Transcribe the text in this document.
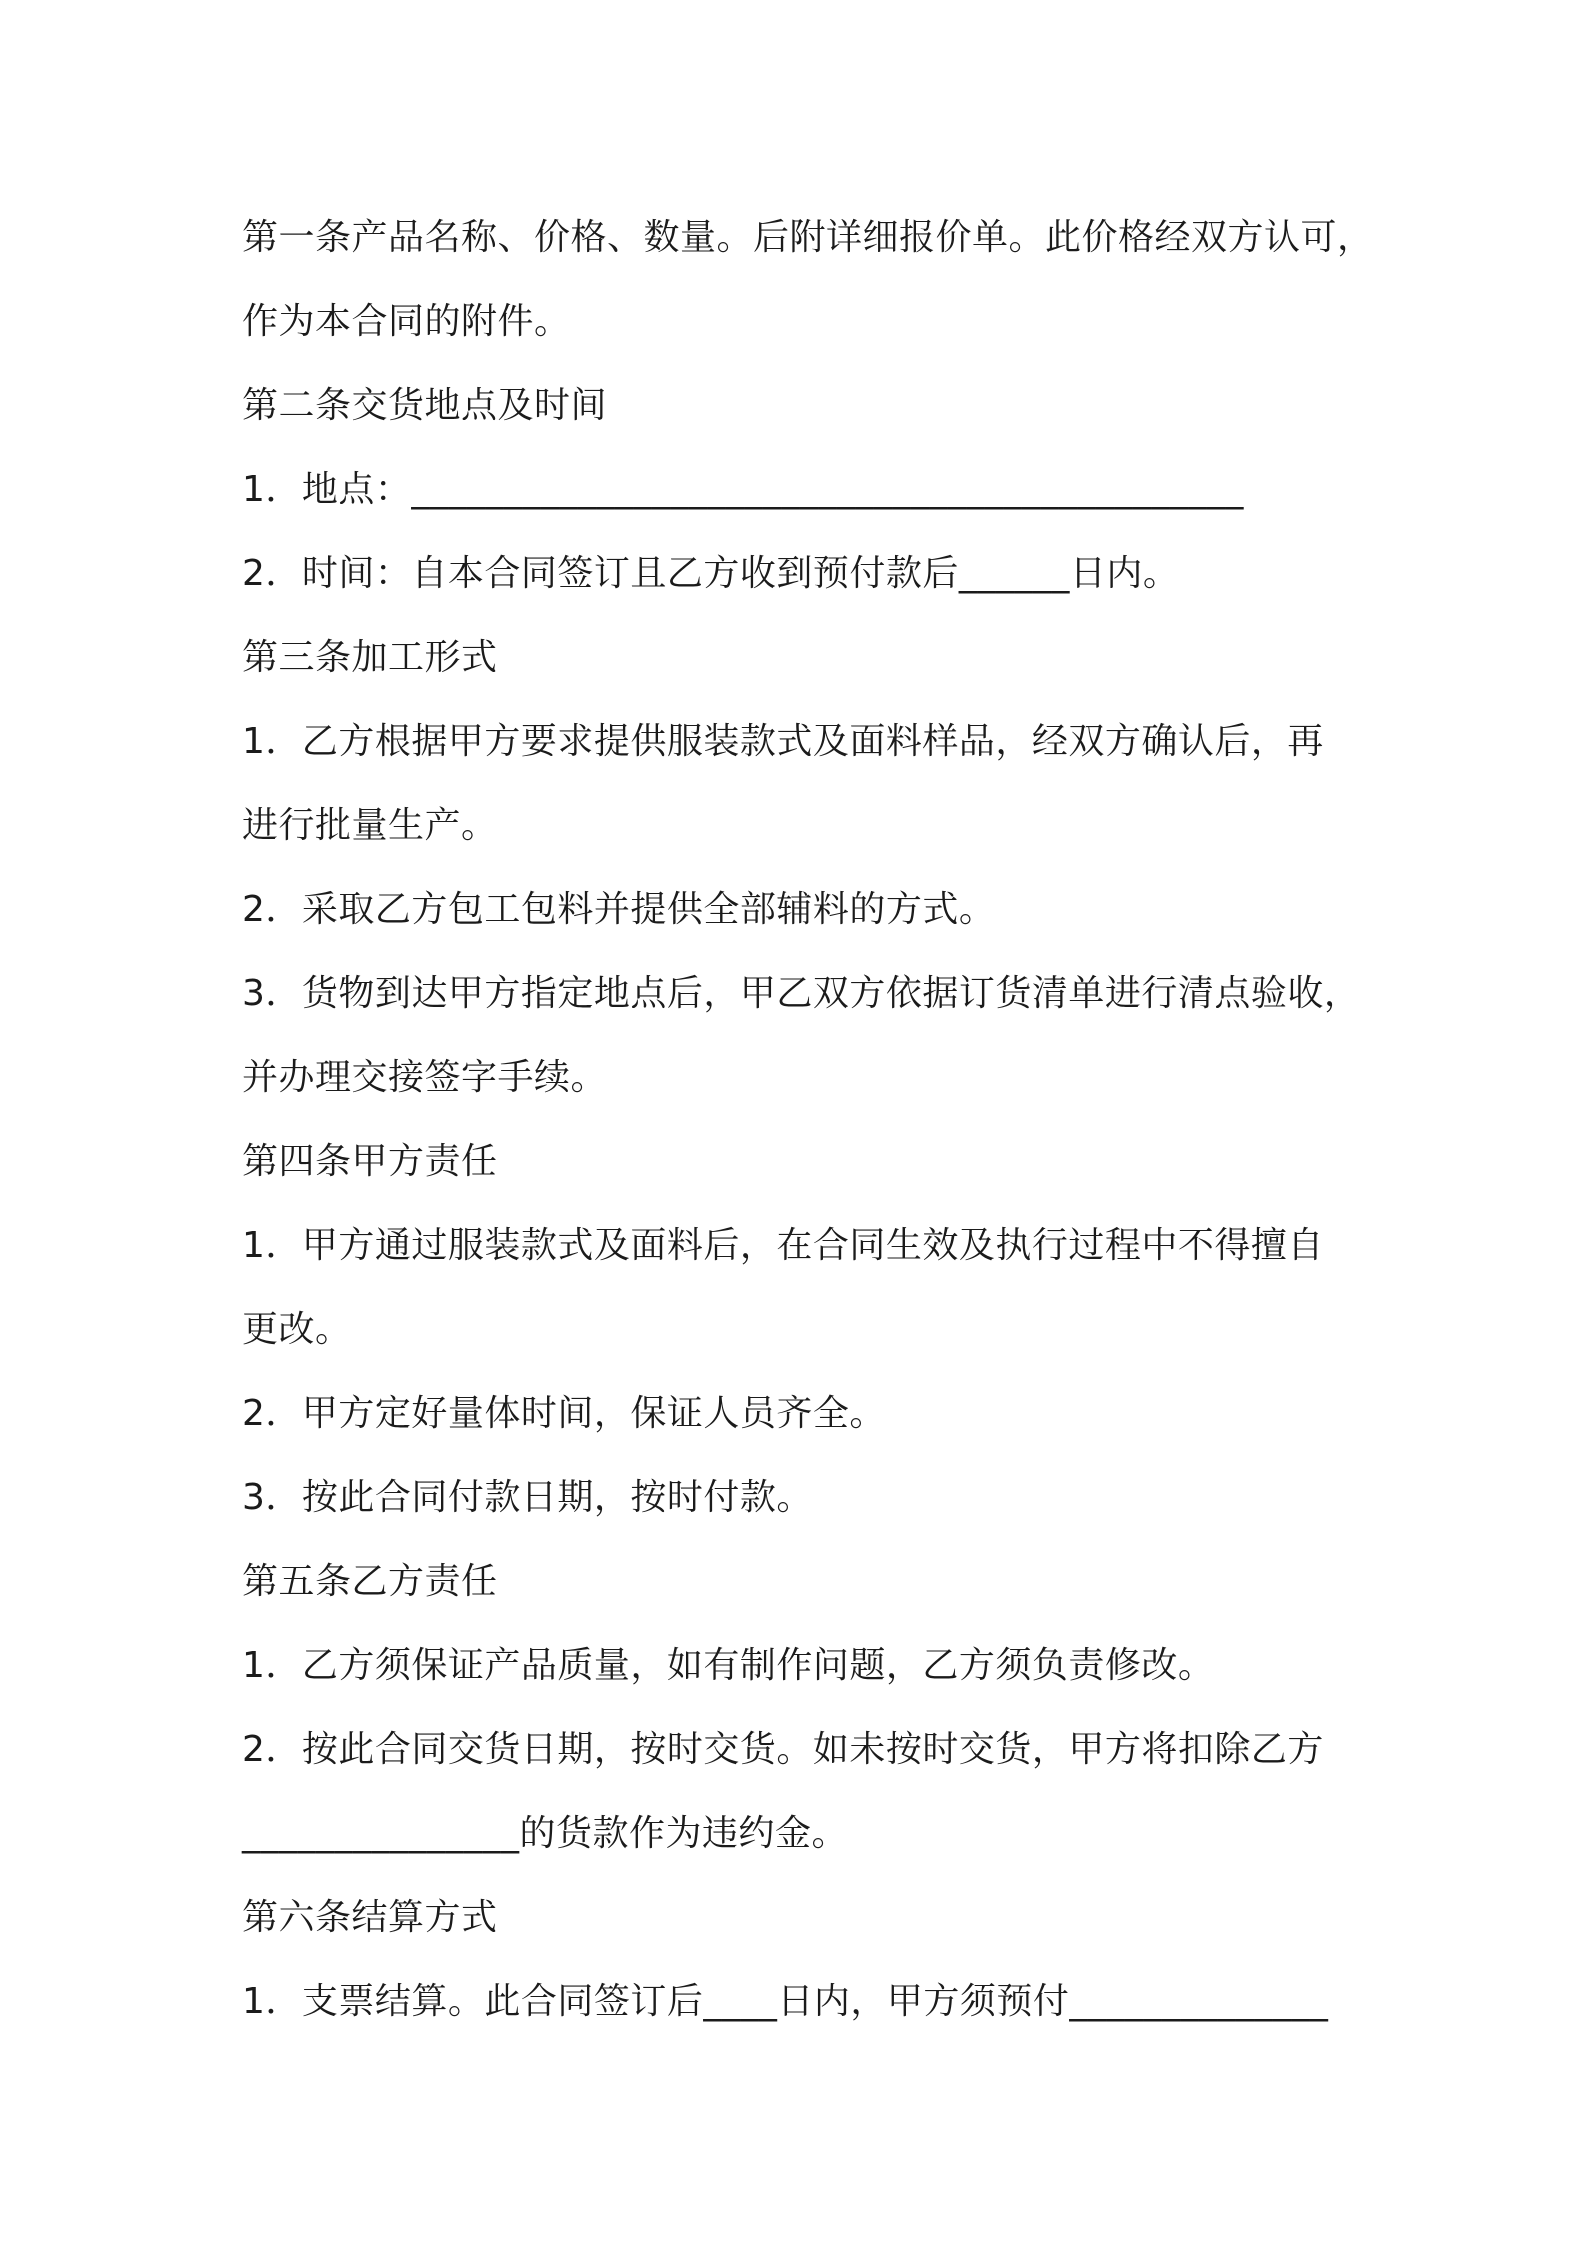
第一条产品名称、价格、数量。后附详细报价单。此价格经双方认可，
作为本合同的附件。
第二条交货地点及时间
1．地点：_____________________________________________
2．时间：自本合同签订且乙方收到预付款后______日内。
第三条加工形式
1．乙方根据甲方要求提供服装款式及面料样品，经双方确认后，再
进行批量生产。
2．采取乙方包工包料并提供全部辅料的方式。
3．货物到达甲方指定地点后，甲乙双方依据订货清单进行清点验收，
并办理交接签字手续。
第四条甲方责任
1．甲方通过服装款式及面料后，在合同生效及执行过程中不得擅自
更改。
2．甲方定好量体时间，保证人员齐全。
3．按此合同付款日期，按时付款。
第五条乙方责任
1．乙方须保证产品质量，如有制作问题，乙方须负责修改。
2．按此合同交货日期，按时交货。如未按时交货，甲方将扣除乙方
_______________的货款作为违约金。
第六条结算方式
1．支票结算。此合同签订后____日内，甲方须预付______________
